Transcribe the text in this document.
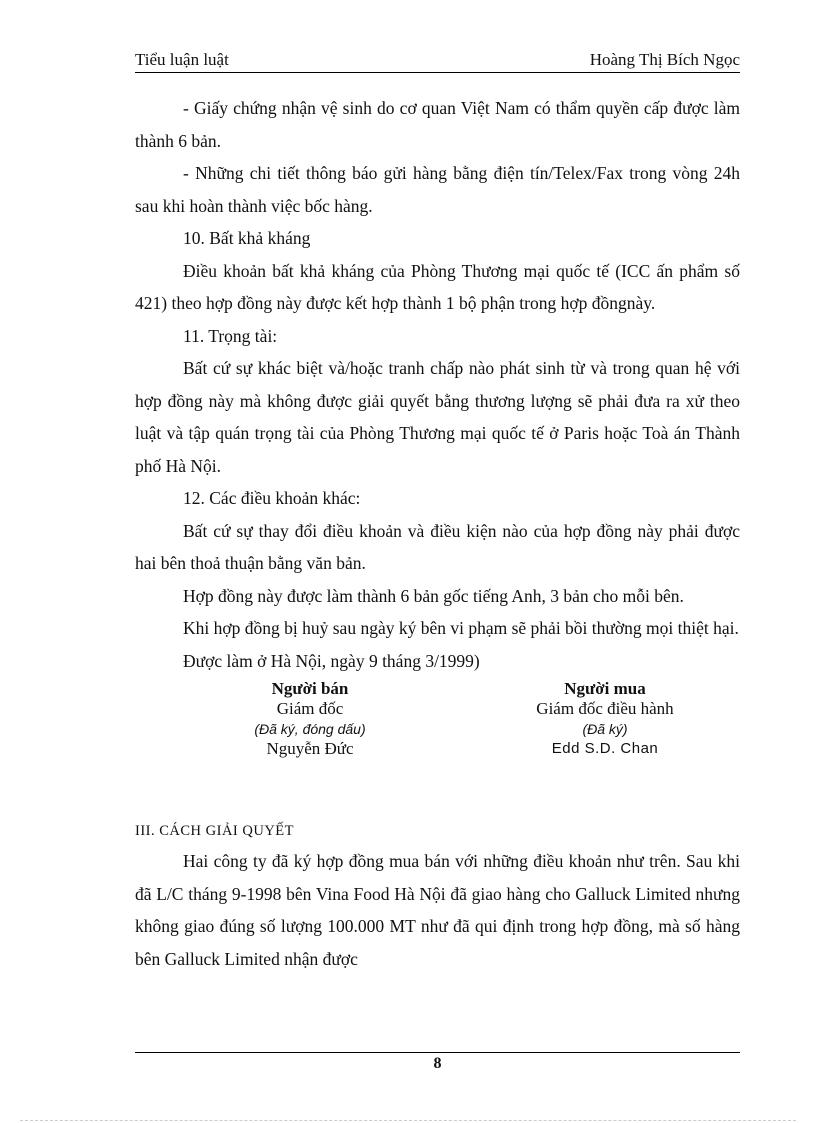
Tiểu luận luật	Hoàng Thị Bích Ngọc

- Giấy chứng nhận vệ sinh do cơ quan Việt Nam có thẩm quyền cấp được làm thành 6 bản.

- Những chi tiết thông báo gửi hàng bằng điện tín/Telex/Fax trong vòng 24h sau khi hoàn thành việc bốc hàng.

10. Bất khả kháng

Điều khoản bất khả kháng của Phòng Thương mại quốc tế (ICC ấn phẩm số 421) theo hợp đồng này được kết hợp thành 1 bộ phận trong hợp đồngnày.

11. Trọng tài:

Bất cứ sự khác biệt và/hoặc tranh chấp nào phát sinh từ và trong quan hệ với hợp đồng này mà không được giải quyết bằng thương lượng sẽ phải đưa ra xử theo luật và tập quán trọng tài của Phòng Thương mại quốc tế ở Paris hoặc Toà án Thành phố Hà Nội.

12. Các điều khoản khác:

Bất cứ sự thay đổi điều khoản và điều kiện nào của hợp đồng này phải được hai bên thoả thuận bằng văn bản.

Hợp đồng này được làm thành 6 bản gốc tiếng Anh, 3 bản cho mỗi bên.

Khi hợp đồng bị huỷ sau ngày ký bên vi phạm sẽ phải bồi thường mọi thiệt hại.

Được làm ở Hà Nội, ngày 9 tháng 3/1999)

Người bán
Giám đốc
(Đã ký, đóng dấu)
Nguyễn Đức
Người mua
Giám đốc điều hành
(Đã ký)
Edd S.D. Chan
III. CÁCH GIẢI QUYẾT

Hai công ty đã ký hợp đồng mua bán với những điều khoản như trên. Sau khi đã L/C tháng 9-1998 bên Vina Food Hà Nội đã giao hàng cho Galluck Limited nhưng không giao đúng số lượng 100.000 MT như đã qui định trong hợp đồng, mà số hàng bên Galluck Limited nhận được

8
